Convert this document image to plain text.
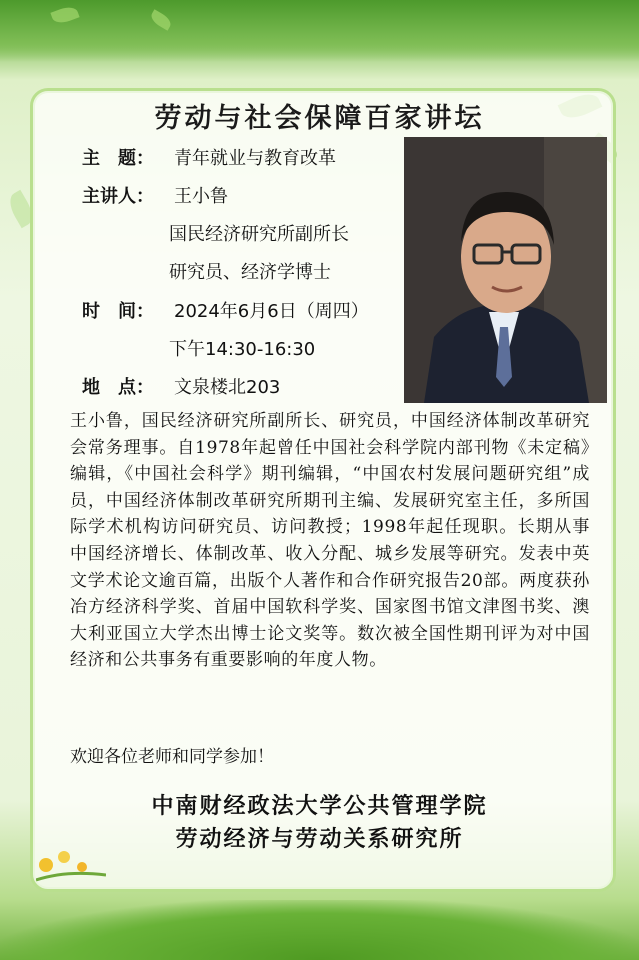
劳动与社会保障百家讲坛
主　题： 青年就业与教育改革
主讲人： 王小鲁
国民经济研究所副所长
研究员、经济学博士
时　间： 2024年6月6日（周四）
下午14:30-16:30
地　点： 文泉楼北203
王小鲁，国民经济研究所副所长、研究员，中国经济体制改革研究会常务理事。自1978年起曾任中国社会科学院内部刊物《未定稿》编辑，《中国社会科学》期刊编辑，“中国农村发展问题研究组”成员，中国经济体制改革研究所期刊主编、发展研究室主任，多所国际学术机构访问研究员、访问教授；1998年起任现职。长期从事中国经济增长、体制改革、收入分配、城乡发展等研究。发表中英文学术论文逾百篇，出版个人著作和合作研究报告20部。两度获孙冶方经济科学奖、首届中国软科学奖、国家图书馆文津图书奖、澳大利亚国立大学杰出博士论文奖等。数次被全国性期刊评为对中国经济和公共事务有重要影响的年度人物。
欢迎各位老师和同学参加！
中南财经政法大学公共管理学院
劳动经济与劳动关系研究所
